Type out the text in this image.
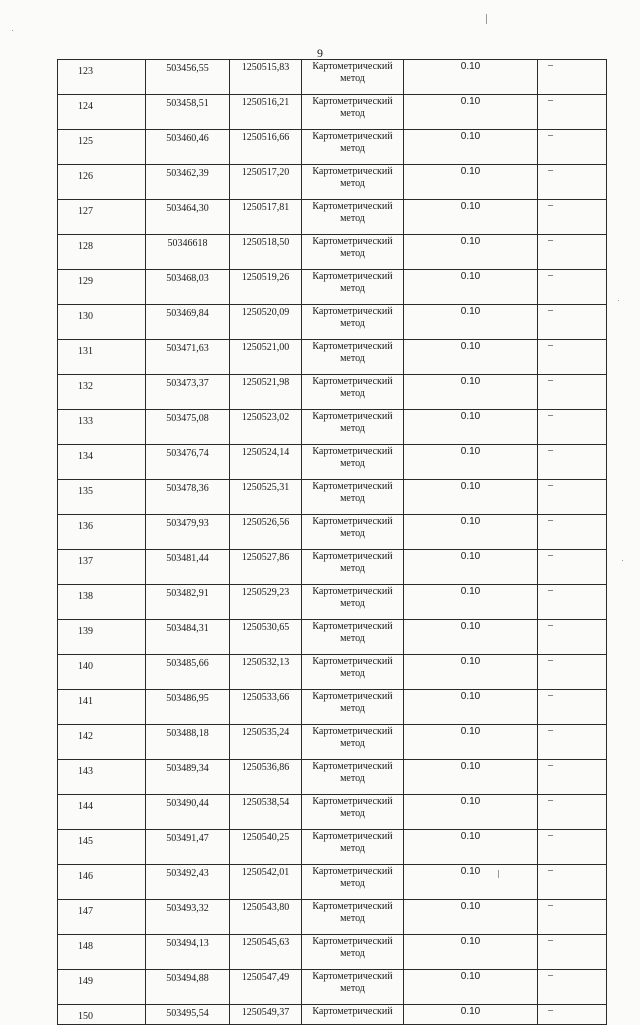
9
123	503456,55	1250515,83	Картометрический
метод	0.10	–
124	503458,51	1250516,21	Картометрический
метод	0.10	–
125	503460,46	1250516,66	Картометрический
метод	0.10	–
126	503462,39	1250517,20	Картометрический
метод	0.10	–
127	503464,30	1250517,81	Картометрический
метод	0.10	–
128	50346618	1250518,50	Картометрический
метод	0.10	–
129	503468,03	1250519,26	Картометрический
метод	0.10	–
130	503469,84	1250520,09	Картометрический
метод	0.10	–
131	503471,63	1250521,00	Картометрический
метод	0.10	–
132	503473,37	1250521,98	Картометрический
метод	0.10	–
133	503475,08	1250523,02	Картометрический
метод	0.10	–
134	503476,74	1250524,14	Картометрический
метод	0.10	–
135	503478,36	1250525,31	Картометрический
метод	0.10	–
136	503479,93	1250526,56	Картометрический
метод	0.10	–
137	503481,44	1250527,86	Картометрический
метод	0.10	–
138	503482,91	1250529,23	Картометрический
метод	0.10	–
139	503484,31	1250530,65	Картометрический
метод	0.10	–
140	503485,66	1250532,13	Картометрический
метод	0.10	–
141	503486,95	1250533,66	Картометрический
метод	0.10	–
142	503488,18	1250535,24	Картометрический
метод	0.10	–
143	503489,34	1250536,86	Картометрический
метод	0.10	–
144	503490,44	1250538,54	Картометрический
метод	0.10	–
145	503491,47	1250540,25	Картометрический
метод	0.10	–
146	503492,43	1250542,01	Картометрический
метод	0.10	–
147	503493,32	1250543,80	Картометрический
метод	0.10	–
148	503494,13	1250545,63	Картометрический
метод	0.10	–
149	503494,88	1250547,49	Картометрический
метод	0.10	–
150	503495,54	1250549,37	Картометрический	0.10	–
